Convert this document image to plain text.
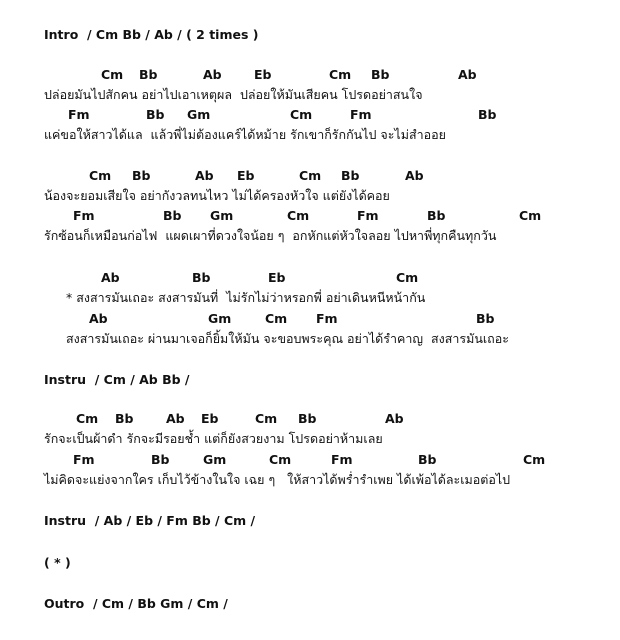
Intro  / Cm Bb / Ab / ( 2 times )
Cm Bb	Ab	Eb	Cm Bb	Ab
ปล่อยมันไปสักคน อย่าไปเอาเหตุผล  ปล่อยให้มันเสียคน โปรดอย่าสนใจ
Fm	Bb Gm	Cm	Fm	Bb
แค่ขอให้สาวได้แล  แล้วพี่ไม่ต้องแคร์ได้หม้าย รักเขาก็รักกันไป จะไม่สำออย
Cm Bb	Ab Eb	Cm Bb	Ab
น้องจะยอมเสียใจ อย่ากังวลทนไหว ไม่ได้ครองหัวใจ แต่ยังได้คอย
Fm	Bb Gm	Cm	Fm	Bb	Cm
รักซ้อนก็เหมือนก่อไฟ  แผดเผาที่ดวงใจน้อย ๆ  อกหักแต่หัวใจลอย ไปหาพี่ทุกคืนทุกวัน
Ab	Bb	Eb	Cm
* สงสารมันเถอะ สงสารมันที่  ไม่รักไม่ว่าหรอกพี่ อย่าเดินหนีหน้ากัน
Ab	Gm	Cm Fm	Bb
สงสารมันเถอะ ผ่านมาเจอก็ยิ้มให้มัน จะขอบพระคุณ อย่าได้รำคาญ  สงสารมันเถอะ
Instru  / Cm / Ab Bb /
Cm Bb	Ab Eb	Cm Bb	Ab
รักจะเป็นผ้าดำ รักจะมีรอยช้ำ แต่ก็ยังสวยงาม โปรดอย่าห้ามเลย
Fm	Bb	Gm	Cm	Fm	Bb	Cm
ไม่คิดจะแย่งจากใคร เก็บไว้ข้างในใจ เฉย ๆ   ให้สาวได้พร่ำรำเพย ได้เพ้อได้ละเมอต่อไป
Instru  / Ab / Eb / Fm Bb / Cm /
( * )
Outro  / Cm / Bb Gm / Cm /
